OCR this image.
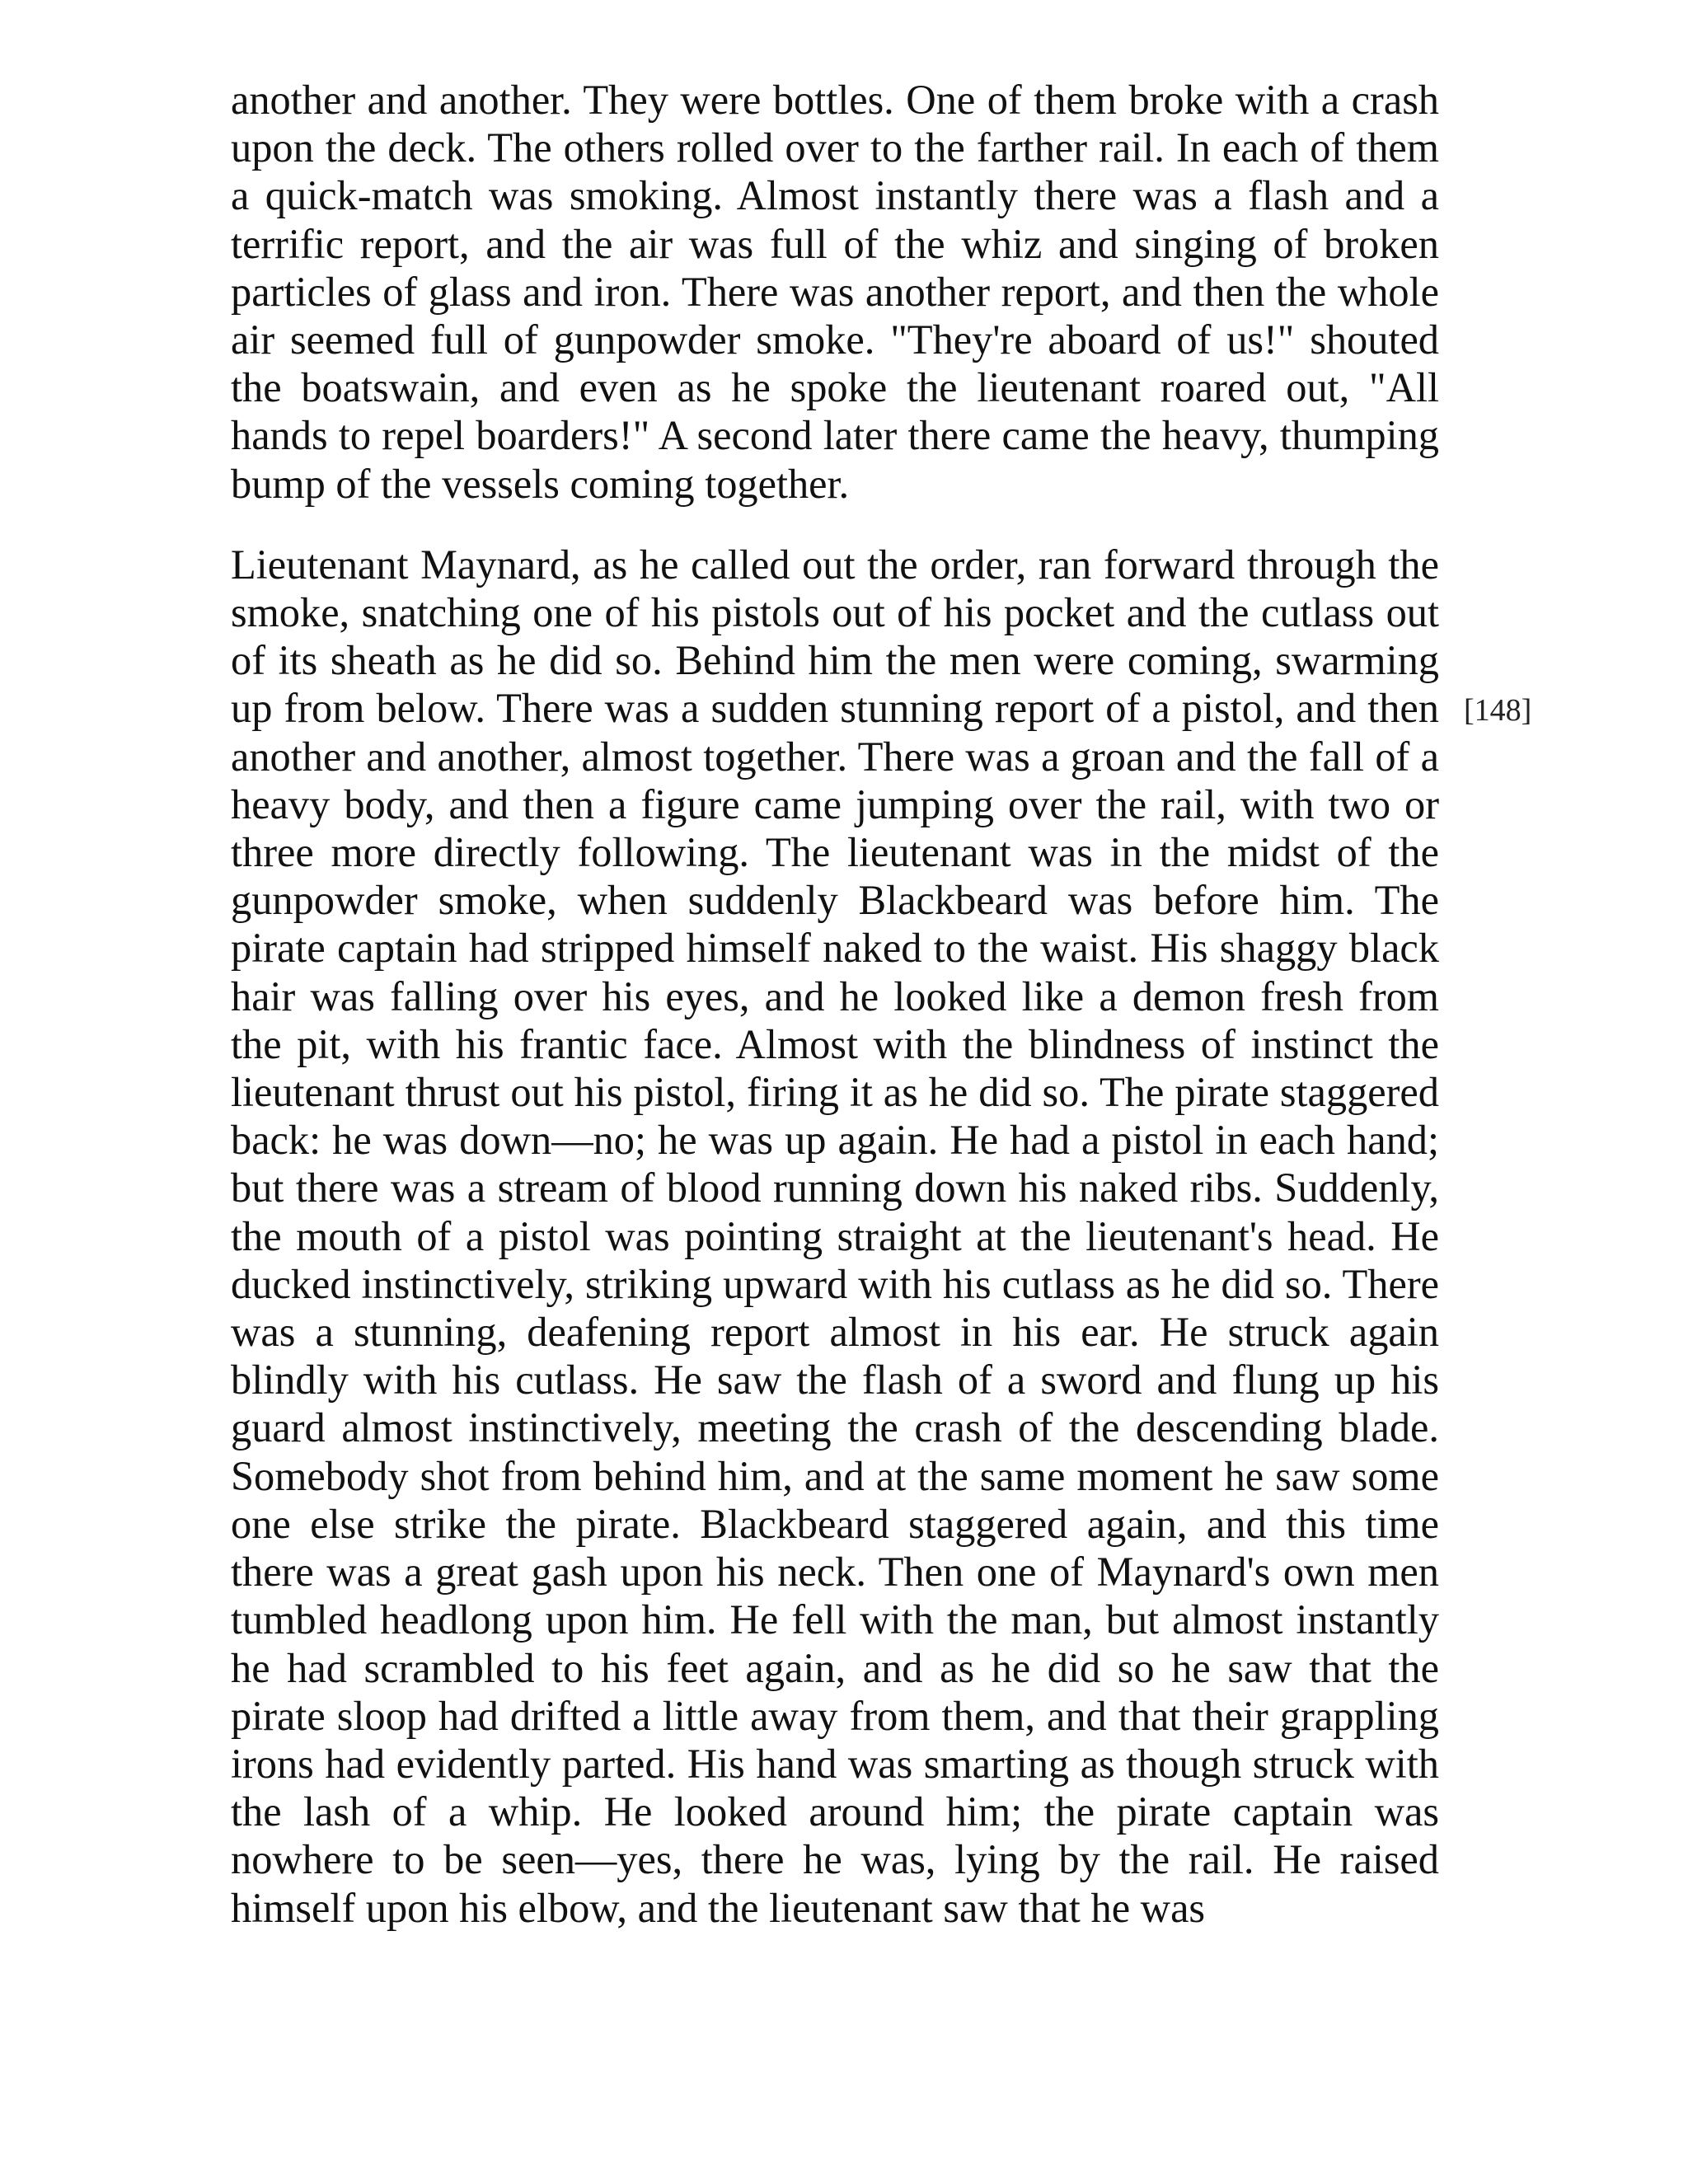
another and another. They were bottles. One of them broke with a crash upon the deck. The others rolled over to the farther rail. In each of them a quick-match was smoking. Almost instantly there was a flash and a terrific report, and the air was full of the whiz and singing of broken particles of glass and iron. There was another report, and then the whole air seemed full of gunpowder smoke. "They're aboard of us!" shouted the boatswain, and even as he spoke the lieutenant roared out, "All hands to repel boarders!" A second later there came the heavy, thumping bump of the vessels coming together.

Lieutenant Maynard, as he called out the order, ran forward through the smoke, snatching one of his pistols out of his pocket and the cutlass out of its sheath as he did so. Behind him the men were coming, swarming up from below. There was a sudden stunning report of a pistol, and then another and another, almost together. There was a groan and the fall of a heavy body, and then a figure came jumping over the rail, with two or three more directly following. The lieutenant was in the midst of the gunpowder smoke, when suddenly Blackbeard was before him. The pirate captain had stripped himself naked to the waist. His shaggy black hair was falling over his eyes, and he looked like a demon fresh from the pit, with his frantic face. Almost with the blindness of instinct the lieutenant thrust out his pistol, firing it as he did so. The pirate staggered back: he was down—no; he was up again. He had a pistol in each hand; but there was a stream of blood running down his naked ribs. Suddenly, the mouth of a pistol was pointing straight at the lieutenant's head. He ducked instinctively, striking upward with his cutlass as he did so. There was a stunning, deafening report almost in his ear. He struck again blindly with his cutlass. He saw the flash of a sword and flung up his guard almost instinctively, meeting the crash of the descending blade. Somebody shot from behind him, and at the same moment he saw some one else strike the pirate. Blackbeard staggered again, and this time there was a great gash upon his neck. Then one of Maynard's own men tumbled headlong upon him. He fell with the man, but almost instantly he had scrambled to his feet again, and as he did so he saw that the pirate sloop had drifted a little away from them, and that their grappling irons had evidently parted. His hand was smarting as though struck with the lash of a whip. He looked around him; the pirate captain was nowhere to be seen—yes, there he was, lying by the rail. He raised himself upon his elbow, and the lieutenant saw that he was

[148]
